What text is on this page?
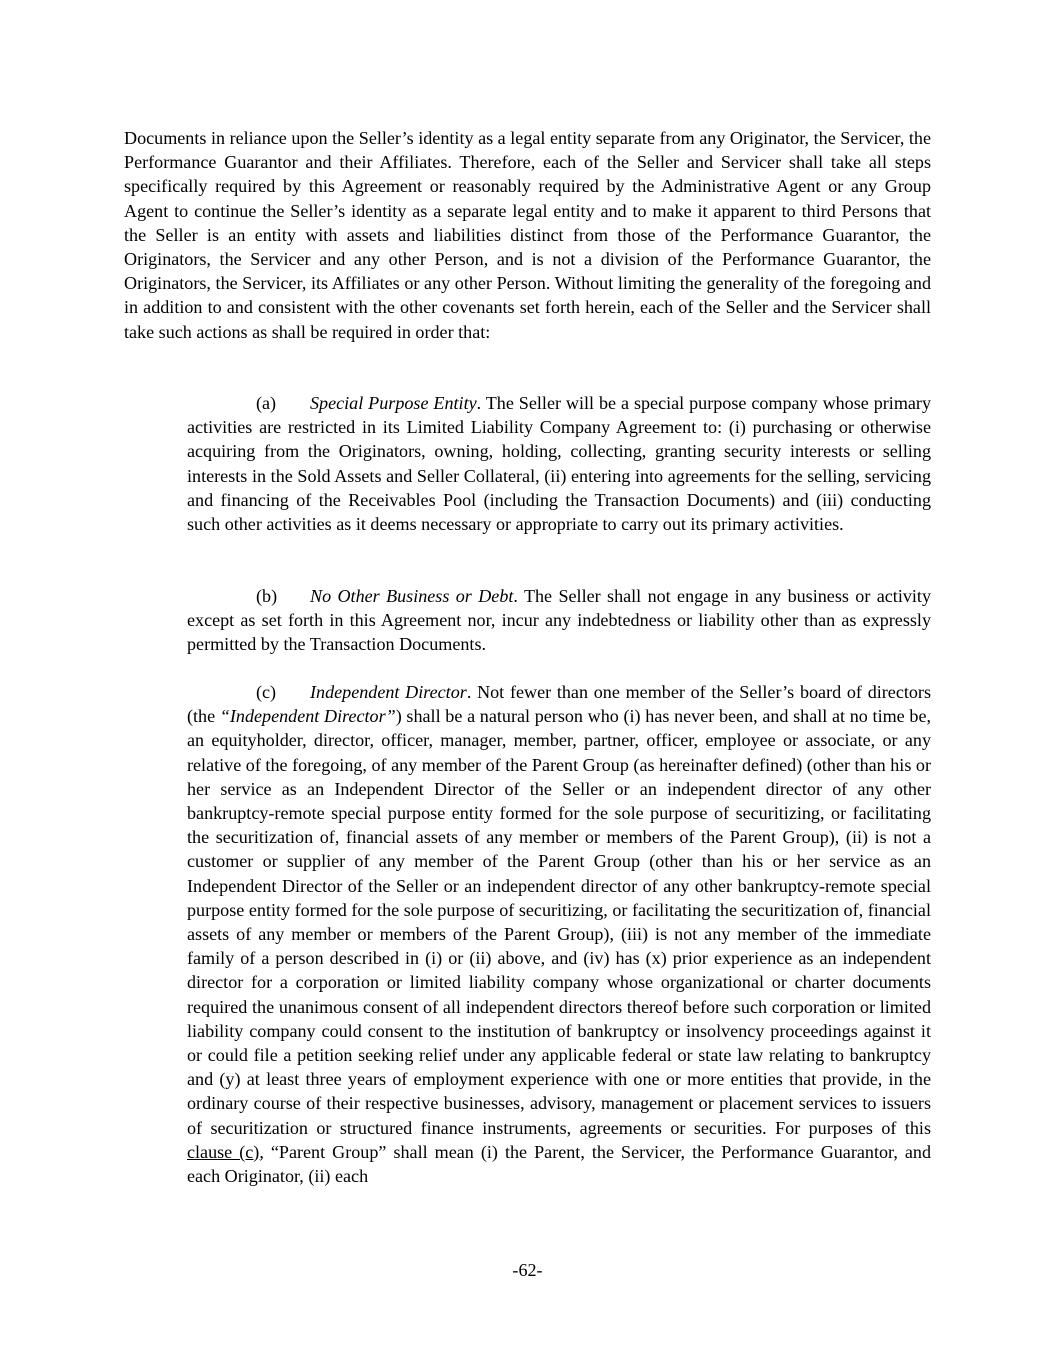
Documents in reliance upon the Seller’s identity as a legal entity separate from any Originator, the Servicer, the Performance Guarantor and their Affiliates. Therefore, each of the Seller and Servicer shall take all steps specifically required by this Agreement or reasonably required by the Administrative Agent or any Group Agent to continue the Seller’s identity as a separate legal entity and to make it apparent to third Persons that the Seller is an entity with assets and liabilities distinct from those of the Performance Guarantor, the Originators, the Servicer and any other Person, and is not a division of the Performance Guarantor, the Originators, the Servicer, its Affiliates or any other Person. Without limiting the generality of the foregoing and in addition to and consistent with the other covenants set forth herein, each of the Seller and the Servicer shall take such actions as shall be required in order that:

(a) Special Purpose Entity. The Seller will be a special purpose company whose primary activities are restricted in its Limited Liability Company Agreement to: (i) purchasing or otherwise acquiring from the Originators, owning, holding, collecting, granting security interests or selling interests in the Sold Assets and Seller Collateral, (ii) entering into agreements for the selling, servicing and financing of the Receivables Pool (including the Transaction Documents) and (iii) conducting such other activities as it deems necessary or appropriate to carry out its primary activities.

(b) No Other Business or Debt. The Seller shall not engage in any business or activity except as set forth in this Agreement nor, incur any indebtedness or liability other than as expressly permitted by the Transaction Documents.

(c) Independent Director. Not fewer than one member of the Seller’s board of directors (the “Independent Director”) shall be a natural person who (i) has never been, and shall at no time be, an equityholder, director, officer, manager, member, partner, officer, employee or associate, or any relative of the foregoing, of any member of the Parent Group (as hereinafter defined) (other than his or her service as an Independent Director of the Seller or an independent director of any other bankruptcy-remote special purpose entity formed for the sole purpose of securitizing, or facilitating the securitization of, financial assets of any member or members of the Parent Group), (ii) is not a customer or supplier of any member of the Parent Group (other than his or her service as an Independent Director of the Seller or an independent director of any other bankruptcy-remote special purpose entity formed for the sole purpose of securitizing, or facilitating the securitization of, financial assets of any member or members of the Parent Group), (iii) is not any member of the immediate family of a person described in (i) or (ii) above, and (iv) has (x) prior experience as an independent director for a corporation or limited liability company whose organizational or charter documents required the unanimous consent of all independent directors thereof before such corporation or limited liability company could consent to the institution of bankruptcy or insolvency proceedings against it or could file a petition seeking relief under any applicable federal or state law relating to bankruptcy and (y) at least three years of employment experience with one or more entities that provide, in the ordinary course of their respective businesses, advisory, management or placement services to issuers of securitization or structured finance instruments, agreements or securities. For purposes of this clause (c), “Parent Group” shall mean (i) the Parent, the Servicer, the Performance Guarantor, and each Originator, (ii) each

-62-
